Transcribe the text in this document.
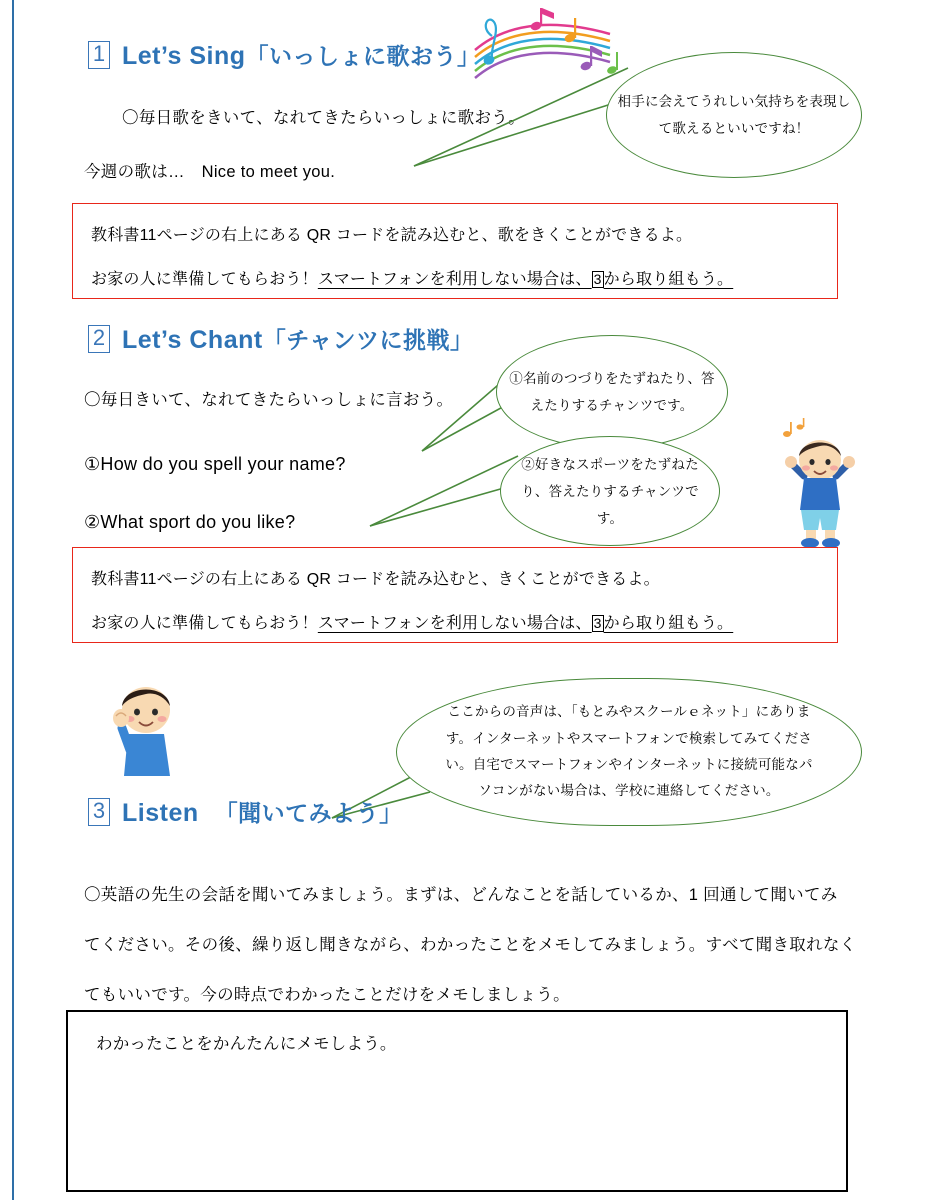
1 Let’s Sing「いっしょに歌おう」
〇毎日歌をきいて、なれてきたらいっしょに歌おう。
今週の歌は…　Nice to meet you.
相手に会えてうれしい気持ちを表現して歌えるといいですね！
教科書11ページの右上にある QR コードを読み込むと、歌をきくことができるよ。
お家の人に準備してもらおう！スマートフォンを利用しない場合は、 3 から取り組もう。
2 Let’s Chant「チャンツに挑戦」
〇毎日きいて、なれてきたらいっしょに言おう。
①How do you spell your name?
②What sport do you like?
①名前のつづりをたずねたり、答えたりするチャンツです。
②好きなスポーツをたずねたり、答えたりするチャンツです。
教科書11ページの右上にある QR コードを読み込むと、きくことができるよ。
お家の人に準備してもらおう！スマートフォンを利用しない場合は、 3 から取り組もう。
ここからの音声は、「もとみやスクールｅネット」にあります。インターネットやスマートフォンで検索してみてください。自宅でスマートフォンやインターネットに接続可能なパソコンがない場合は、学校に連絡してください。
3 Listen 「聞いてみよう」
〇英語の先生の会話を聞いてみましょう。まずは、どんなことを話しているか、1 回通して聞いてみ
てください。その後、繰り返し聞きながら、わかったことをメモしてみましょう。すべて聞き取れなく
てもいいです。今の時点でわかったことだけをメモしましょう。
わかったことをかんたんにメモしよう。
